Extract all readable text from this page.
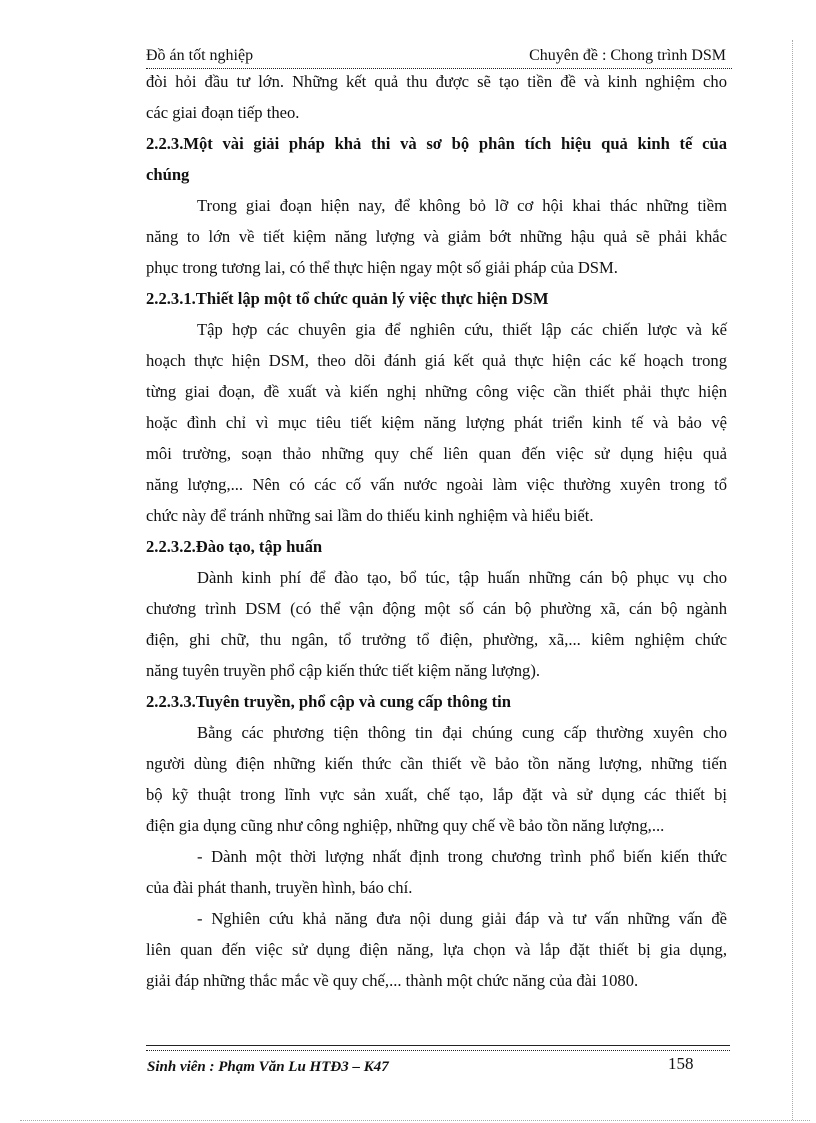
Đồ án tốt nghiệp	Chuyên đề : Chong trình DSM

đòi hỏi đầu tư lớn. Những kết quả thu được sẽ tạo tiền đề và kinh nghiệm cho

các giai đoạn tiếp theo.

2.2.3.Một vài giải pháp khả thi và sơ bộ phân tích hiệu quả kinh tế của

chúng

Trong giai đoạn hiện nay, để không bỏ lỡ cơ hội khai thác những tiềm

năng to lớn về tiết kiệm năng lượng và giảm bớt những hậu quả sẽ phải khắc

phục trong tương lai, có thể thực hiện ngay một số giải pháp của DSM.

2.2.3.1.Thiết lập một tổ chức quản lý việc thực hiện DSM

Tập hợp các chuyên gia để nghiên cứu, thiết lập các chiến lược và kế

hoạch thực hiện DSM, theo dõi đánh giá kết quả thực hiện các kế hoạch trong

từng giai đoạn, đề xuất và kiến nghị những công việc cần thiết phải thực hiện

hoặc đình chỉ vì mục tiêu tiết kiệm năng lượng phát triển kinh tế và bảo vệ

môi trường, soạn thảo những quy chế liên quan đến việc sử dụng hiệu quả

năng lượng,... Nên có các cố vấn nước ngoài làm việc thường xuyên trong tổ

chức này để tránh những sai lầm do thiếu kinh nghiệm và hiểu biết.

2.2.3.2.Đào tạo, tập huấn

Dành kinh phí để đào tạo, bổ túc, tập huấn những cán bộ phục vụ cho

chương trình DSM (có thể vận động một số cán bộ phường xã, cán bộ ngành

điện, ghi chữ, thu ngân, tổ trưởng tổ điện, phường, xã,... kiêm nghiệm chức

năng tuyên truyền phổ cập kiến thức tiết kiệm năng lượng).

2.2.3.3.Tuyên truyền, phổ cập và cung cấp thông tin

Bằng các phương tiện thông tin đại chúng cung cấp thường xuyên cho

người dùng điện những kiến thức cần thiết về bảo tồn năng lượng, những tiến

bộ kỹ thuật trong lĩnh vực sản xuất, chế tạo, lắp đặt và sử dụng các thiết bị

điện gia dụng cũng như công nghiệp, những quy chế về bảo tồn năng lượng,...

- Dành một thời lượng nhất định trong chương trình phổ biến kiến thức

của đài phát thanh, truyền hình, báo chí.

- Nghiên cứu khả năng đưa nội dung giải đáp và tư vấn những vấn đề

liên quan đến việc sử dụng điện năng, lựa chọn và lắp đặt thiết bị gia dụng,

giải đáp những thắc mắc về quy chế,... thành một chức năng của đài 1080.

Sinh viên : Phạm Văn Lu HTĐ3 – K47	158
